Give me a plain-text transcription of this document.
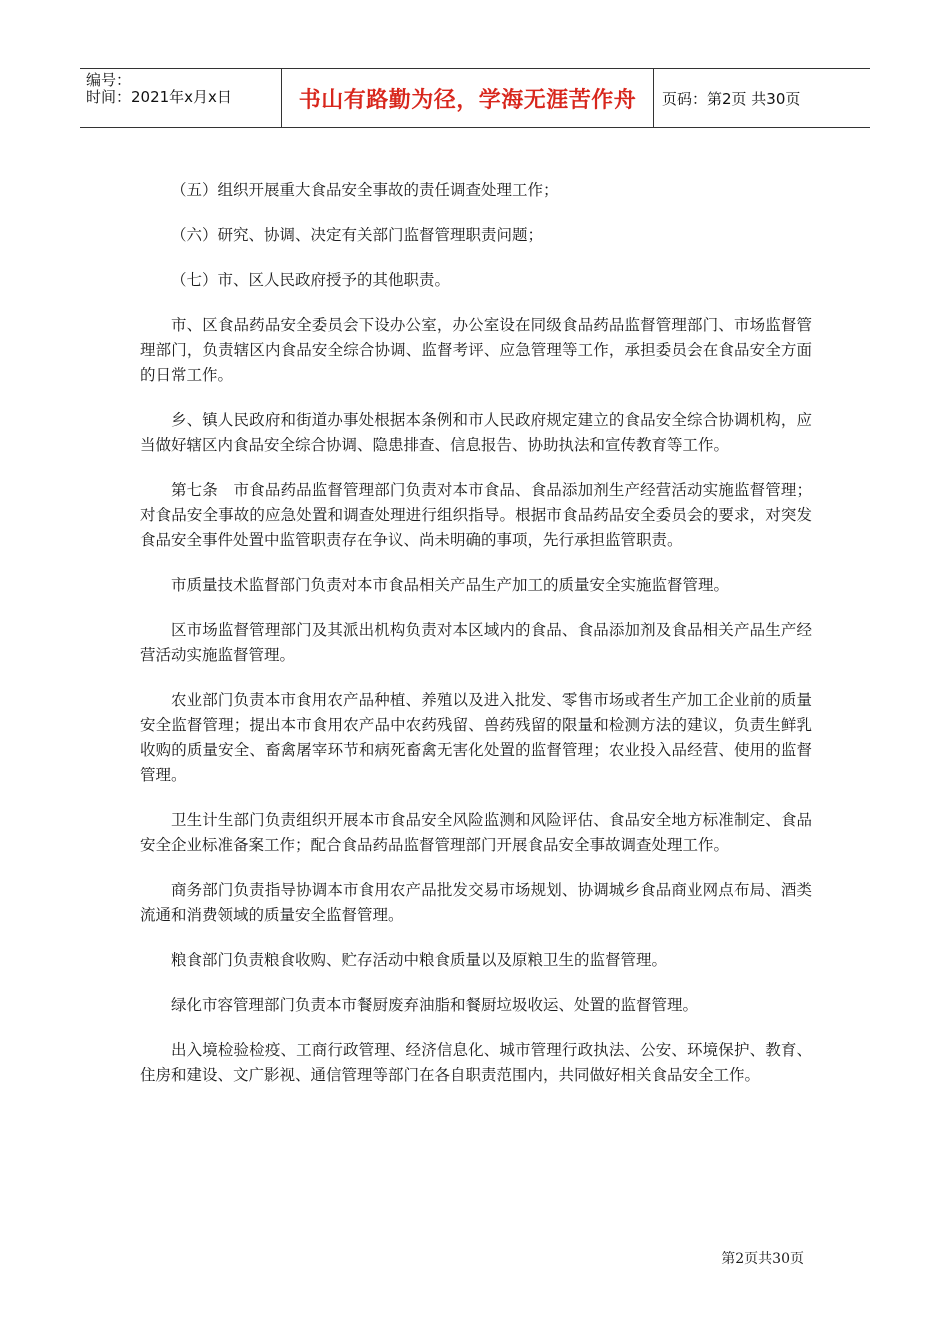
编号：
时间：2021年x月x日	书山有路勤为径，学海无涯苦作舟	页码：第2页 共30页

（五）组织开展重大食品安全事故的责任调查处理工作；

（六）研究、协调、决定有关部门监督管理职责问题；

（七）市、区人民政府授予的其他职责。

市、区食品药品安全委员会下设办公室，办公室设在同级食品药品监督管理部门、市场监督管理部门，负责辖区内食品安全综合协调、监督考评、应急管理等工作，承担委员会在食品安全方面的日常工作。

乡、镇人民政府和街道办事处根据本条例和市人民政府规定建立的食品安全综合协调机构，应当做好辖区内食品安全综合协调、隐患排查、信息报告、协助执法和宣传教育等工作。

第七条　市食品药品监督管理部门负责对本市食品、食品添加剂生产经营活动实施监督管理；对食品安全事故的应急处置和调查处理进行组织指导。根据市食品药品安全委员会的要求，对突发食品安全事件处置中监管职责存在争议、尚未明确的事项，先行承担监管职责。

市质量技术监督部门负责对本市食品相关产品生产加工的质量安全实施监督管理。

区市场监督管理部门及其派出机构负责对本区域内的食品、食品添加剂及食品相关产品生产经营活动实施监督管理。

农业部门负责本市食用农产品种植、养殖以及进入批发、零售市场或者生产加工企业前的质量安全监督管理；提出本市食用农产品中农药残留、兽药残留的限量和检测方法的建议，负责生鲜乳收购的质量安全、畜禽屠宰环节和病死畜禽无害化处置的监督管理；农业投入品经营、使用的监督管理。

卫生计生部门负责组织开展本市食品安全风险监测和风险评估、食品安全地方标准制定、食品安全企业标准备案工作；配合食品药品监督管理部门开展食品安全事故调查处理工作。

商务部门负责指导协调本市食用农产品批发交易市场规划、协调城乡食品商业网点布局、酒类流通和消费领域的质量安全监督管理。

粮食部门负责粮食收购、贮存活动中粮食质量以及原粮卫生的监督管理。

绿化市容管理部门负责本市餐厨废弃油脂和餐厨垃圾收运、处置的监督管理。

出入境检验检疫、工商行政管理、经济信息化、城市管理行政执法、公安、环境保护、教育、住房和建设、文广影视、通信管理等部门在各自职责范围内，共同做好相关食品安全工作。

第2页共30页
